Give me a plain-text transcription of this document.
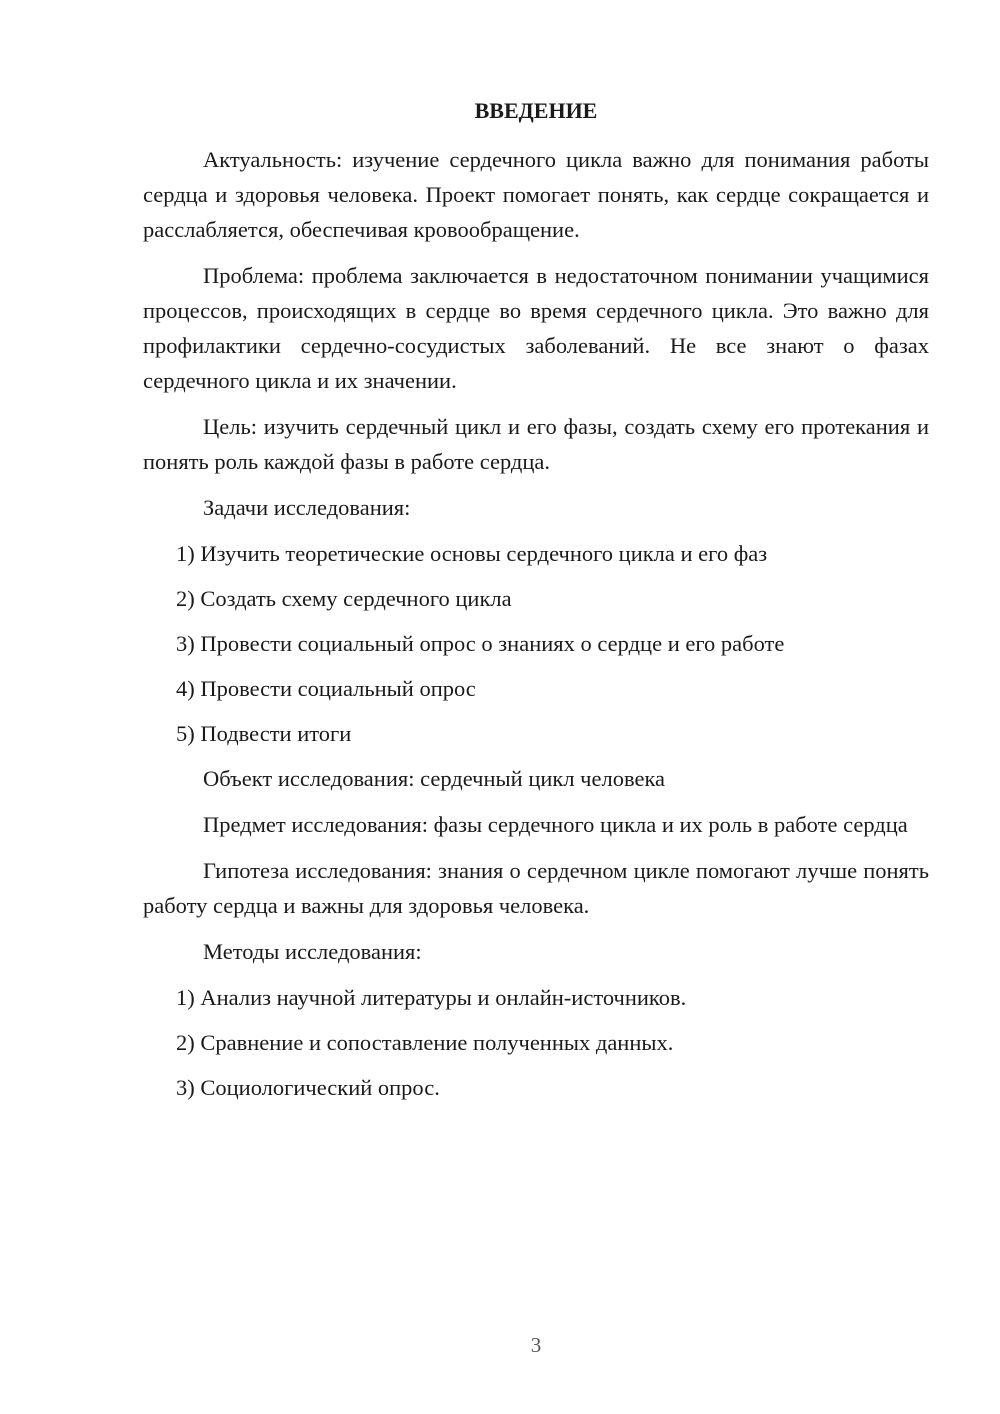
ВВЕДЕНИЕ

Актуальность: изучение сердечного цикла важно для понимания работы сердца и здоровья человека. Проект помогает понять, как сердце сокращается и расслабляется, обеспечивая кровообращение.

Проблема: проблема заключается в недостаточном понимании учащимися процессов, происходящих в сердце во время сердечного цикла. Это важно для профилактики сердечно-сосудистых заболеваний. Не все знают о фазах сердечного цикла и их значении.

Цель: изучить сердечный цикл и его фазы, создать схему его протекания и понять роль каждой фазы в работе сердца.

Задачи исследования:

1) Изучить теоретические основы сердечного цикла и его фаз
2) Создать схему сердечного цикла
3) Провести социальный опрос о знаниях о сердце и его работе
4) Провести социальный опрос
5) Подвести итоги

Объект исследования: сердечный цикл человека

Предмет исследования: фазы сердечного цикла и их роль в работе сердца

Гипотеза исследования: знания о сердечном цикле помогают лучше понять работу сердца и важны для здоровья человека.

Методы исследования:

1) Анализ научной литературы и онлайн-источников.
2) Сравнение и сопоставление полученных данных.
3) Социологический опрос.
3
